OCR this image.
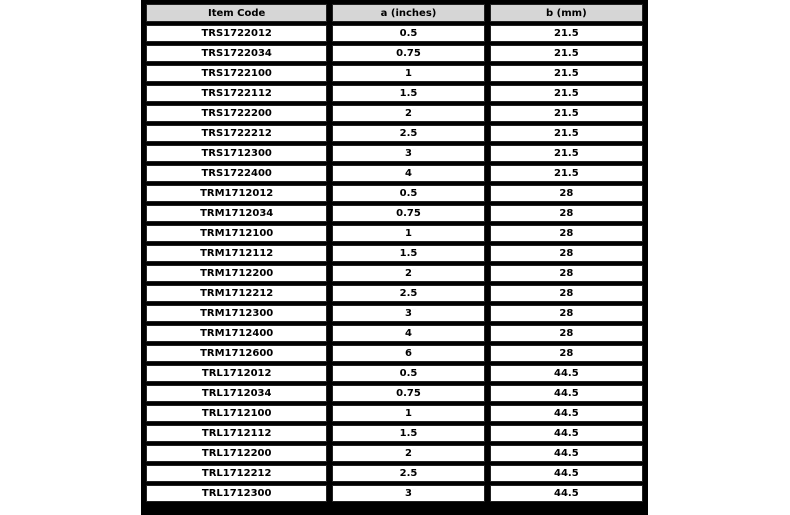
Item Code	a (inches)	b (mm)
TRS1722012	0.5	21.5
TRS1722034	0.75	21.5
TRS1722100	1	21.5
TRS1722112	1.5	21.5
TRS1722200	2	21.5
TRS1722212	2.5	21.5
TRS1712300	3	21.5
TRS1722400	4	21.5
TRM1712012	0.5	28
TRM1712034	0.75	28
TRM1712100	1	28
TRM1712112	1.5	28
TRM1712200	2	28
TRM1712212	2.5	28
TRM1712300	3	28
TRM1712400	4	28
TRM1712600	6	28
TRL1712012	0.5	44.5
TRL1712034	0.75	44.5
TRL1712100	1	44.5
TRL1712112	1.5	44.5
TRL1712200	2	44.5
TRL1712212	2.5	44.5
TRL1712300	3	44.5
